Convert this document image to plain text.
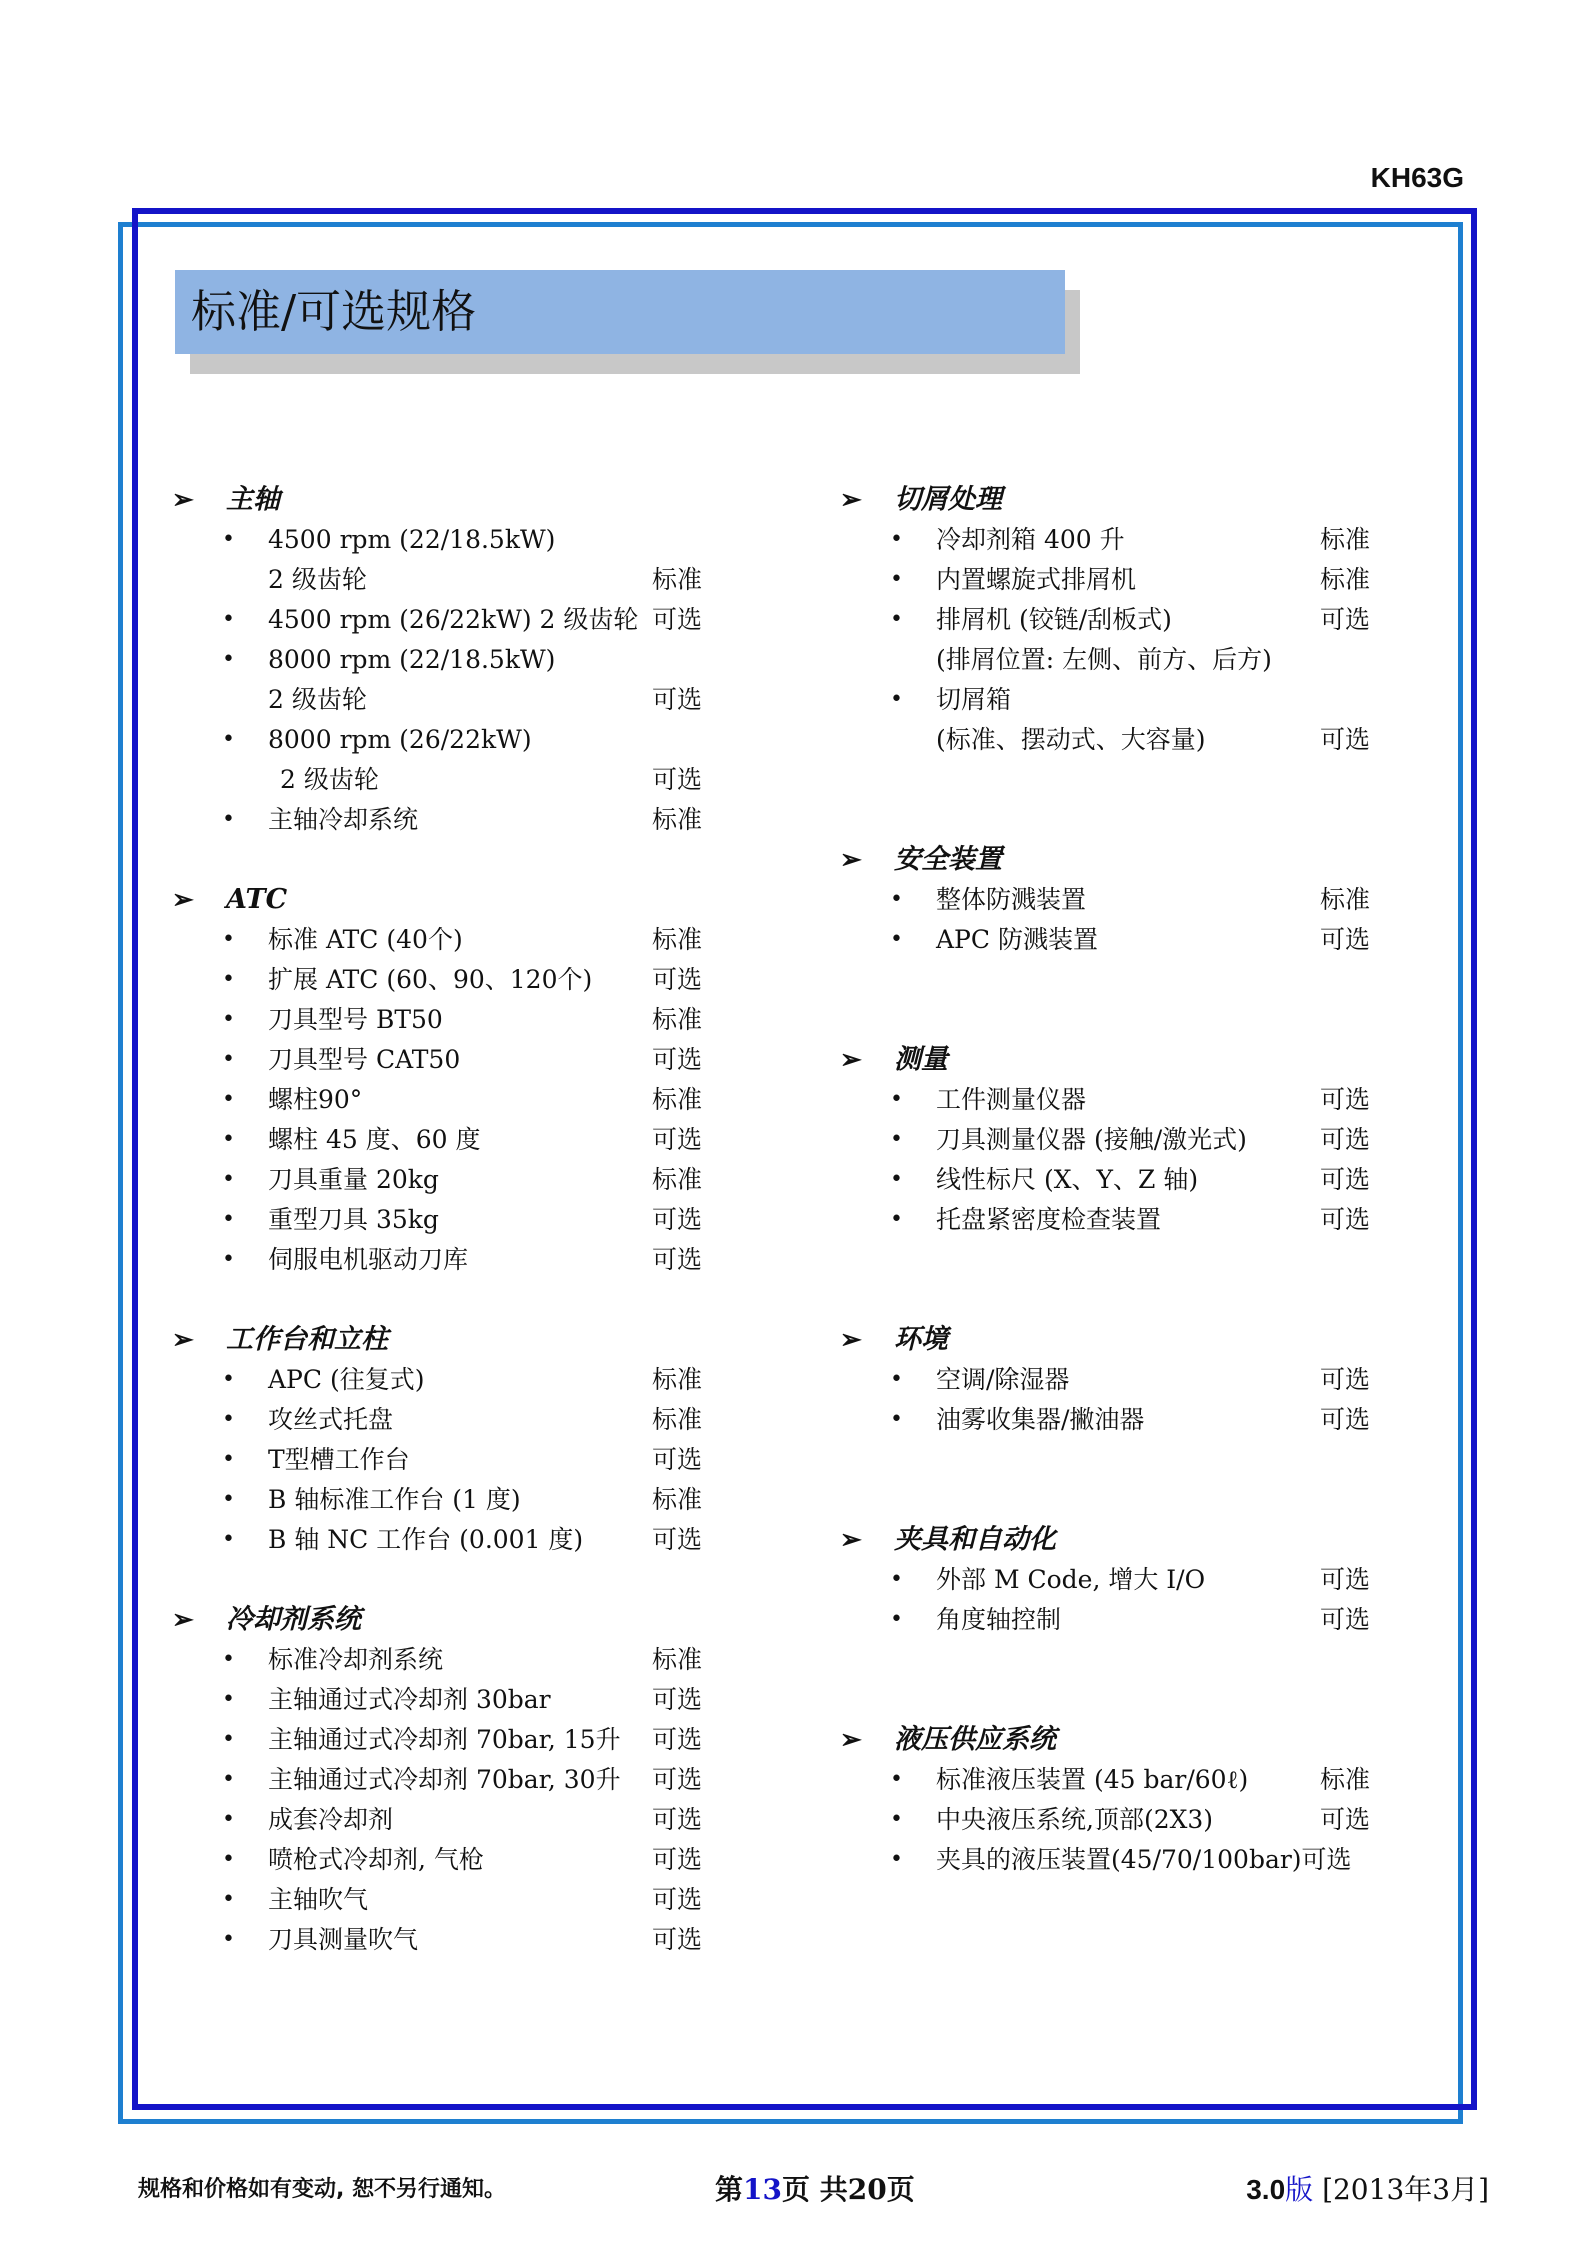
KH63G
标准/可选规格
➢	主轴
• 4500 rpm (22/18.5kW)
2 级齿轮	标准
• 4500 rpm (26/22kW) 2 级齿轮 可选
• 8000 rpm (22/18.5kW)
2 级齿轮	可选
• 8000 rpm (26/22kW)
2 级齿轮	可选
• 主轴冷却系统	标准
➢	ATC
• 标准 ATC (40个)	标准
• 扩展 ATC (60、90、120个) 可选
• 刀具型号 BT50	标准
• 刀具型号 CAT50	可选
• 螺柱90°	标准
• 螺柱 45 度、60 度	可选
• 刀具重量 20kg	标准
• 重型刀具 35kg	可选
• 伺服电机驱动刀库	可选
➢	工作台和立柱
• APC (往复式)	标准
• 攻丝式托盘	标准
• T型槽工作台	可选
• B 轴标准工作台 (1 度)	标准
• B 轴 NC 工作台 (0.001 度)	可选
➢	冷却剂系统
• 标准冷却剂系统	标准
• 主轴通过式冷却剂 30bar	可选
• 主轴通过式冷却剂 70bar, 15升 可选
• 主轴通过式冷却剂 70bar, 30升 可选
• 成套冷却剂	可选
• 喷枪式冷却剂, 气枪	可选
• 主轴吹气	可选
• 刀具测量吹气	可选
➢	切屑处理
• 冷却剂箱 400 升	标准
• 内置螺旋式排屑机	标准
• 排屑机 (铰链/刮板式)	可选
(排屑位置: 左侧、前方、后方)
• 切屑箱
(标准、摆动式、大容量)	可选
➢	安全装置
• 整体防溅装置	标准
• APC 防溅装置	可选
➢	测量
• 工件测量仪器	可选
• 刀具测量仪器 (接触/激光式)	可选
• 线性标尺 (X、Y、Z 轴)	可选
• 托盘紧密度检查装置	可选
➢	环境
• 空调/除湿器	可选
• 油雾收集器/撇油器	可选
➢	夹具和自动化
• 外部 M Code, 增大 I/O	可选
• 角度轴控制	可选
➢	液压供应系统
• 标准液压装置 (45 bar/60ℓ)	标准
• 中央液压系统,顶部(2X3)	可选
• 夹具的液压装置(45/70/100bar)可选
规格和价格如有变动, 恕不另行通知。	第13页 共20页	3.0版 [2013年3月]
